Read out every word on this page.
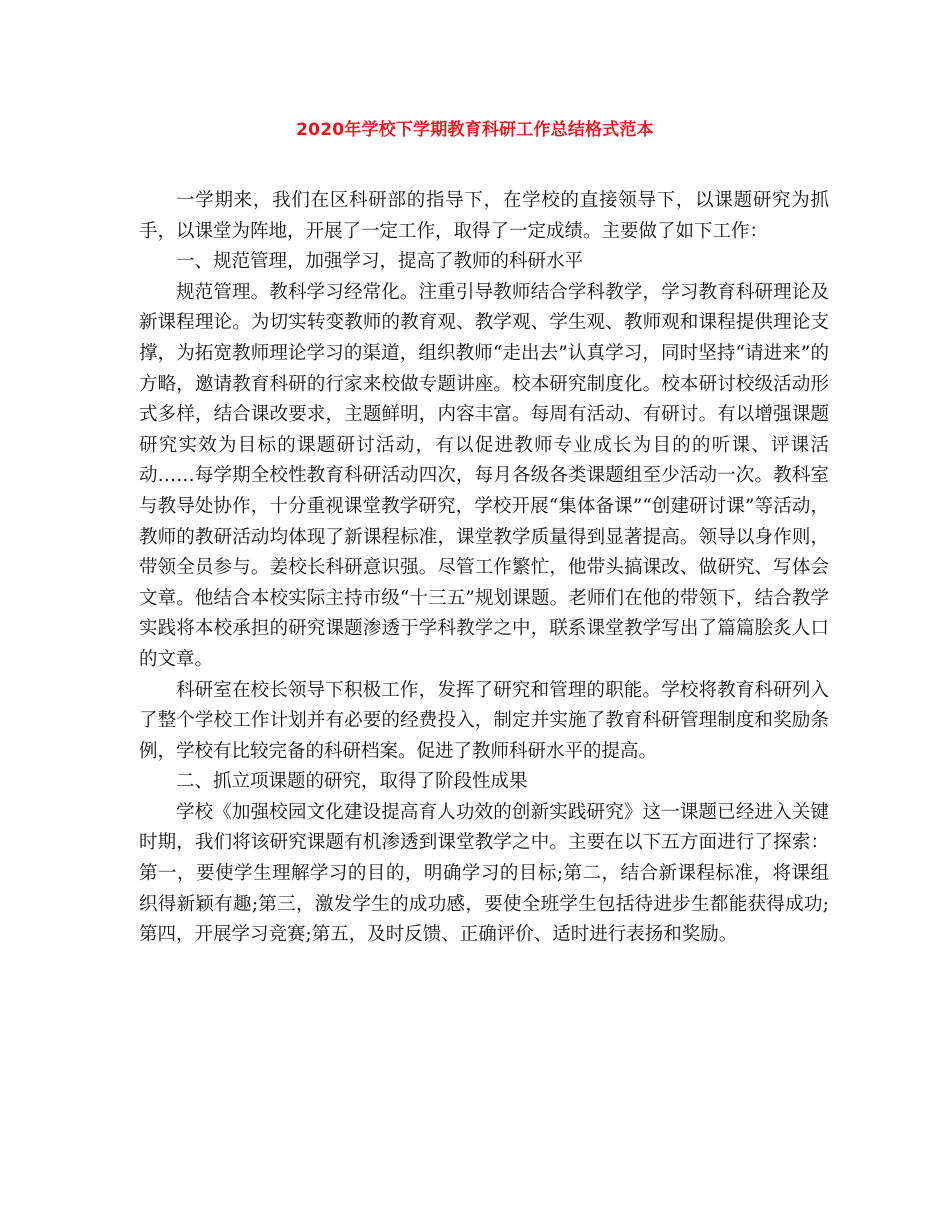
2020年学校下学期教育科研工作总结格式范本

一学期来，我们在区科研部的指导下，在学校的直接领导下，以课题研究为抓手，以课堂为阵地，开展了一定工作，取得了一定成绩。主要做了如下工作：

一、规范管理，加强学习，提高了教师的科研水平

规范管理。教科学习经常化。注重引导教师结合学科教学，学习教育科研理论及新课程理论。为切实转变教师的教育观、教学观、学生观、教师观和课程提供理论支撑，为拓宽教师理论学习的渠道，组织教师“走出去”认真学习，同时坚持“请进来”的方略，邀请教育科研的行家来校做专题讲座。校本研究制度化。校本研讨校级活动形式多样，结合课改要求，主题鲜明，内容丰富。每周有活动、有研讨。有以增强课题研究实效为目标的课题研讨活动，有以促进教师专业成长为目的的听课、评课活动……每学期全校性教育科研活动四次，每月各级各类课题组至少活动一次。教科室与教导处协作，十分重视课堂教学研究，学校开展“集体备课”“创建研讨课”等活动，教师的教研活动均体现了新课程标准，课堂教学质量得到显著提高。领导以身作则，带领全员参与。姜校长科研意识强。尽管工作繁忙，他带头搞课改、做研究、写体会文章。他结合本校实际主持市级“十三五”规划课题。老师们在他的带领下，结合教学实践将本校承担的研究课题渗透于学科教学之中，联系课堂教学写出了篇篇脍炙人口的文章。

科研室在校长领导下积极工作，发挥了研究和管理的职能。学校将教育科研列入了整个学校工作计划并有必要的经费投入，制定并实施了教育科研管理制度和奖励条例，学校有比较完备的科研档案。促进了教师科研水平的提高。

二、抓立项课题的研究，取得了阶段性成果

学校《加强校园文化建设提高育人功效的创新实践研究》这一课题已经进入关键时期，我们将该研究课题有机渗透到课堂教学之中。主要在以下五方面进行了探索：第一，要使学生理解学习的目的，明确学习的目标;第二，结合新课程标准，将课组织得新颖有趣;第三，激发学生的成功感，要使全班学生包括待进步生都能获得成功;第四，开展学习竞赛;第五，及时反馈、正确评价、适时进行表扬和奖励。
